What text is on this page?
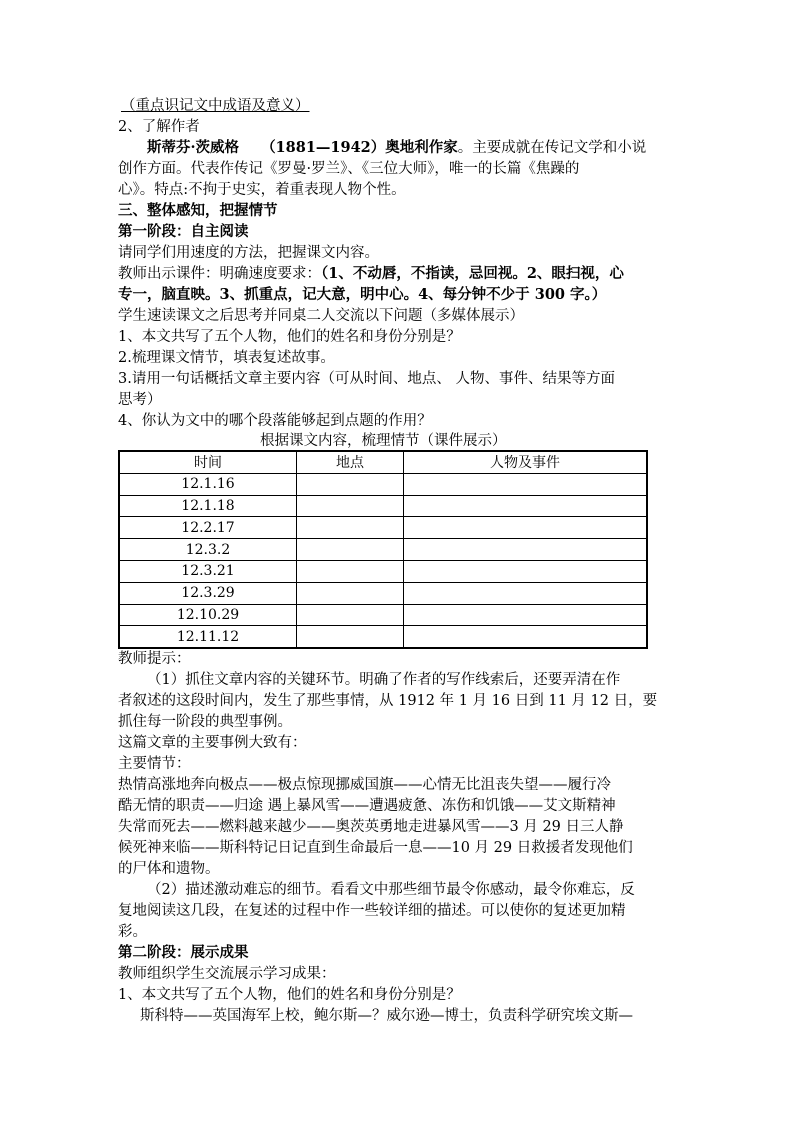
（重点识记文中成语及意义）
2、了解作者
斯蒂芬·茨威格 （1881—1942）奥地利作家。主要成就在传记文学和小说
创作方面。代表作传记《罗曼·罗兰》、《三位大师》，唯一的长篇《焦躁的
心》。特点:不拘于史实，着重表现人物个性。
三、整体感知，把握情节
第一阶段：自主阅读
请同学们用速度的方法，把握课文内容。
教师出示课件：明确速度要求：（1、不动唇，不指读，忌回视。2、眼扫视，心
专一，脑直映。3、抓重点，记大意，明中心。4、每分钟不少于 300 字。）
学生速读课文之后思考并同桌二人交流以下问题（多媒体展示）
1、本文共写了五个人物，他们的姓名和身份分别是？
2.梳理课文情节，填表复述故事。
3.请用一句话概括文章主要内容（可从时间、地点、 人物、事件、结果等方面
思考）
4、你认为文中的哪个段落能够起到点题的作用？
根据课文内容，梳理情节（课件展示）
时间	地点	人物及事件
12.1.16		
12.1.18		
12.2.17		
12.3.2		
12.3.21		
12.3.29		
12.10.29		
12.11.12		
教师提示：
（1）抓住文章内容的关键环节。明确了作者的写作线索后，还要弄清在作
者叙述的这段时间内，发生了那些事情，从 1912 年 1 月 16 日到 11 月 12 日，要
抓住每一阶段的典型事例。
这篇文章的主要事例大致有：
主要情节：
热情高涨地奔向极点——极点惊现挪威国旗——心情无比沮丧失望——履行冷
酷无情的职责——归途 遇上暴风雪——遭遇疲惫、冻伤和饥饿——艾文斯精神
失常而死去——燃料越来越少——奥茨英勇地走进暴风雪——3 月 29 日三人静
候死神来临——斯科特记日记直到生命最后一息——10 月 29 日救援者发现他们
的尸体和遗物。
（2）描述激动难忘的细节。看看文中那些细节最令你感动，最令你难忘，反
复地阅读这几段，在复述的过程中作一些较详细的描述。可以使你的复述更加精
彩。
第二阶段：展示成果
教师组织学生交流展示学习成果：
1、本文共写了五个人物，他们的姓名和身份分别是？
斯科特——英国海军上校，鲍尔斯—？威尔逊—博士，负责科学研究埃文斯—
